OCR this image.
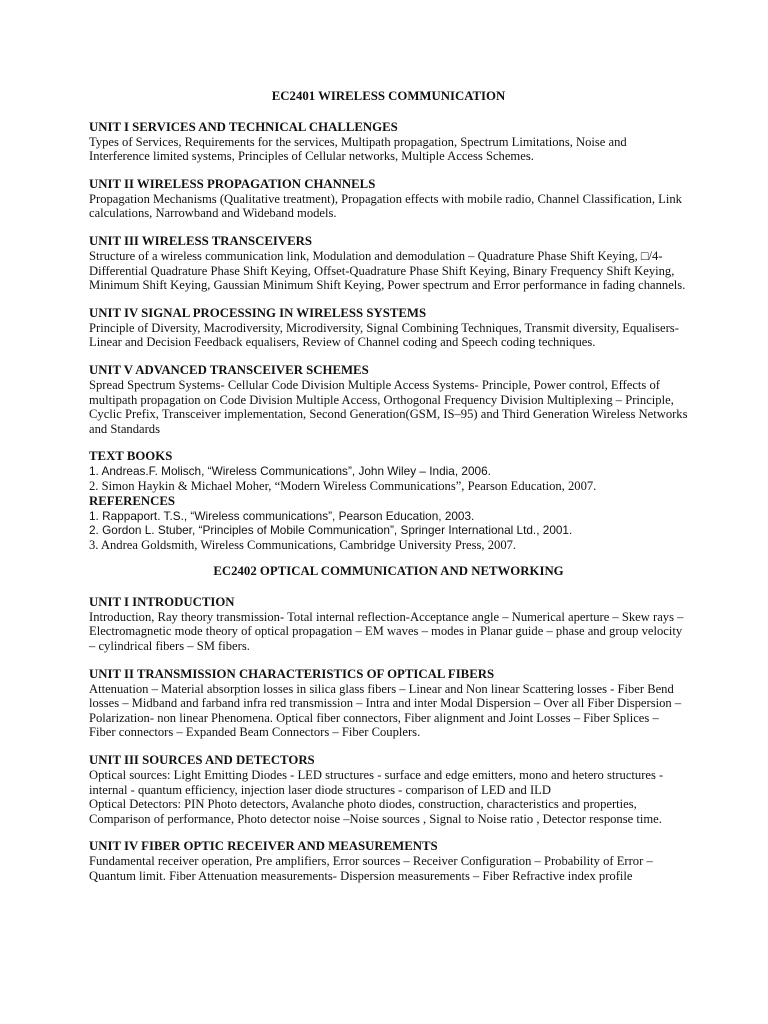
EC2401 WIRELESS COMMUNICATION
UNIT I SERVICES AND TECHNICAL CHALLENGES
Types of Services, Requirements for the services, Multipath propagation, Spectrum Limitations, Noise and Interference limited systems, Principles of Cellular networks, Multiple Access Schemes.
UNIT II WIRELESS PROPAGATION CHANNELS
Propagation Mechanisms (Qualitative treatment), Propagation effects with mobile radio, Channel Classification, Link calculations, Narrowband and Wideband models.
UNIT III WIRELESS TRANSCEIVERS
Structure of a wireless communication link, Modulation and demodulation – Quadrature Phase Shift Keying, □/4-Differential Quadrature Phase Shift Keying, Offset-Quadrature Phase Shift Keying, Binary Frequency Shift Keying, Minimum Shift Keying, Gaussian Minimum Shift Keying, Power spectrum and Error performance in fading channels.
UNIT IV SIGNAL PROCESSING IN WIRELESS SYSTEMS
Principle of Diversity, Macrodiversity, Microdiversity, Signal Combining Techniques, Transmit diversity, Equalisers- Linear and Decision Feedback equalisers, Review of Channel coding and Speech coding techniques.
UNIT V ADVANCED TRANSCEIVER SCHEMES
Spread Spectrum Systems- Cellular Code Division Multiple Access Systems- Principle, Power control, Effects of multipath propagation on Code Division Multiple Access, Orthogonal Frequency Division Multiplexing – Principle, Cyclic Prefix, Transceiver implementation, Second Generation(GSM, IS–95) and Third Generation Wireless Networks and Standards
TEXT BOOKS
1. Andreas.F. Molisch, “Wireless Communications”, John Wiley – India, 2006.
2. Simon Haykin & Michael Moher, “Modern Wireless Communications”, Pearson Education, 2007.
REFERENCES
1. Rappaport. T.S., “Wireless communications”, Pearson Education, 2003.
2. Gordon L. Stuber, “Principles of Mobile Communication”, Springer International Ltd., 2001.
3. Andrea Goldsmith, Wireless Communications, Cambridge University Press, 2007.
EC2402 OPTICAL COMMUNICATION AND NETWORKING
UNIT I INTRODUCTION
Introduction, Ray theory transmission- Total internal reflection-Acceptance angle – Numerical aperture – Skew rays – Electromagnetic mode theory of optical propagation – EM waves – modes in Planar guide – phase and group velocity – cylindrical fibers – SM fibers.
UNIT II TRANSMISSION CHARACTERISTICS OF OPTICAL FIBERS
Attenuation – Material absorption losses in silica glass fibers – Linear and Non linear Scattering losses - Fiber Bend losses – Midband and farband infra red transmission – Intra and inter Modal Dispersion – Over all Fiber Dispersion – Polarization- non linear Phenomena. Optical fiber connectors, Fiber alignment and Joint Losses – Fiber Splices – Fiber connectors – Expanded Beam Connectors – Fiber Couplers.
UNIT III SOURCES AND DETECTORS
Optical sources: Light Emitting Diodes - LED structures - surface and edge emitters, mono and hetero structures - internal - quantum efficiency, injection laser diode structures - comparison of LED and ILD
Optical Detectors: PIN Photo detectors, Avalanche photo diodes, construction, characteristics and properties, Comparison of performance, Photo detector noise –Noise sources , Signal to Noise ratio , Detector response time.
UNIT IV FIBER OPTIC RECEIVER AND MEASUREMENTS
Fundamental receiver operation, Pre amplifiers, Error sources – Receiver Configuration – Probability of Error – Quantum limit. Fiber Attenuation measurements- Dispersion measurements – Fiber Refractive index profile
